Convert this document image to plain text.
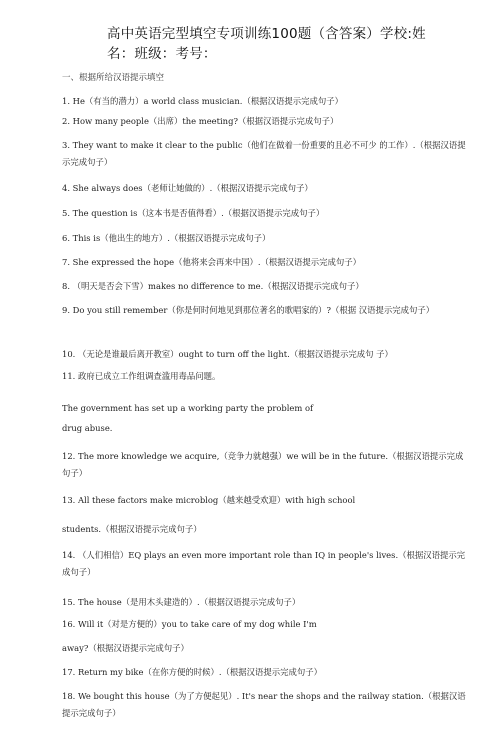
高中英语完型填空专项训练100题（含答案）学校:姓名：班级：考号：
一、根据所给汉语提示填空
1. He（有当的潜力）a world class musician.（根据汉语提示完成句子）
2. How many people（出席）the meeting?（根据汉语提示完成句子）
3. They want to make it clear to the public（他们在做着一份重要的且必不可少 的工作）.（根据汉语提示完成句子）
4. She always does（老师让她做的）.（根据汉语提示完成句子）
5. The question is（这本书是否值得看）.（根据汉语提示完成句子）
6. This is（他出生的地方）.（根据汉语提示完成句子）
7. She expressed the hope（他将来会再来中国）.（根据汉语提示完成句子）
8. （明天是否会下雪）makes no difference to me.（根据汉语提示完成句子）
9. Do you still remember（你是何时何地见到那位著名的歌唱家的）?（根据 汉语提示完成句子）
10. （无论是谁最后离开教室）ought to turn off the light.（根据汉语提示完成句 子）
11. 政府已成立工作组调查滥用毒品问题。
The government has set up a working party the problem of
drug abuse.
12. The more knowledge we acquire,（竞争力就越强）we will be in the future.（根据汉语提示完成句子）
13. All these factors make microblog（越来越受欢迎）with high school
students.（根据汉语提示完成句子）
14. （人们相信）EQ plays an even more important role than IQ in people's lives.（根据汉语提示完成句子）
15. The house（是用木头建造的）.（根据汉语提示完成句子）
16. Will it（对是方便的）you to take care of my dog while I'm
away?（根据汉语提示完成句子）
17. Return my bike（在你方便的时候）.（根据汉语提示完成句子）
18. We bought this house（为了方便起见）. It's near the shops and the railway station.（根据汉语提示完成句子）
